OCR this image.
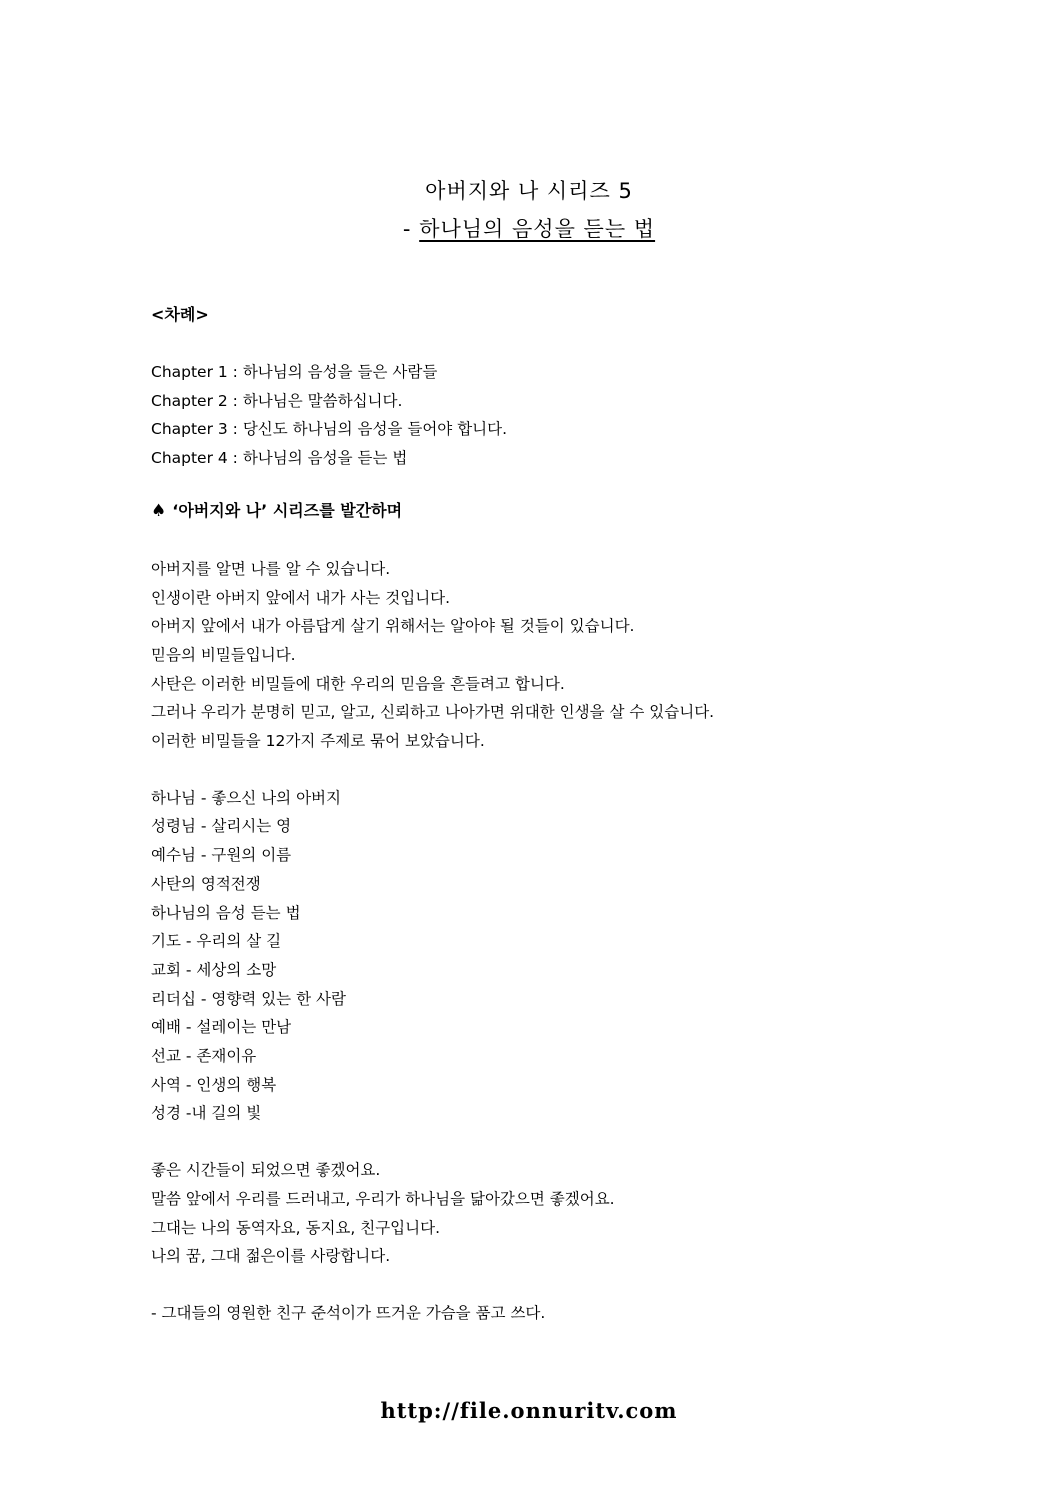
아버지와 나 시리즈 5
- 하나님의 음성을 듣는 법
<차례>
Chapter 1 : 하나님의 음성을 들은 사람들
Chapter 2 : 하나님은 말씀하십니다.
Chapter 3 : 당신도 하나님의 음성을 들어야 합니다.
Chapter 4 : 하나님의 음성을 듣는 법
♠ ‘아버지와 나’ 시리즈를 발간하며
아버지를 알면 나를 알 수 있습니다.
인생이란 아버지 앞에서 내가 사는 것입니다.
아버지 앞에서 내가 아름답게 살기 위해서는 알아야 될 것들이 있습니다.
믿음의 비밀들입니다.
사탄은 이러한 비밀들에 대한 우리의 믿음을 흔들려고 합니다.
그러나 우리가 분명히 믿고, 알고, 신뢰하고 나아가면 위대한 인생을 살 수 있습니다.
이러한 비밀들을 12가지 주제로 묶어 보았습니다.
하나님 - 좋으신 나의 아버지
성령님 - 살리시는 영
예수님 - 구원의 이름
사탄의 영적전쟁
하나님의 음성 듣는 법
기도 - 우리의 살 길
교회 - 세상의 소망
리더십 - 영향력 있는 한 사람
예배 - 설레이는 만남
선교 - 존재이유
사역 - 인생의 행복
성경 -내 길의 빛
좋은 시간들이 되었으면 좋겠어요.
말씀 앞에서 우리를 드러내고, 우리가 하나님을 닮아갔으면 좋겠어요.
그대는 나의 동역자요, 동지요, 친구입니다.
나의 꿈, 그대 젊은이를 사랑합니다.
- 그대들의 영원한 친구 준석이가 뜨거운 가슴을 품고 쓰다.
http://file.onnuritv.com
